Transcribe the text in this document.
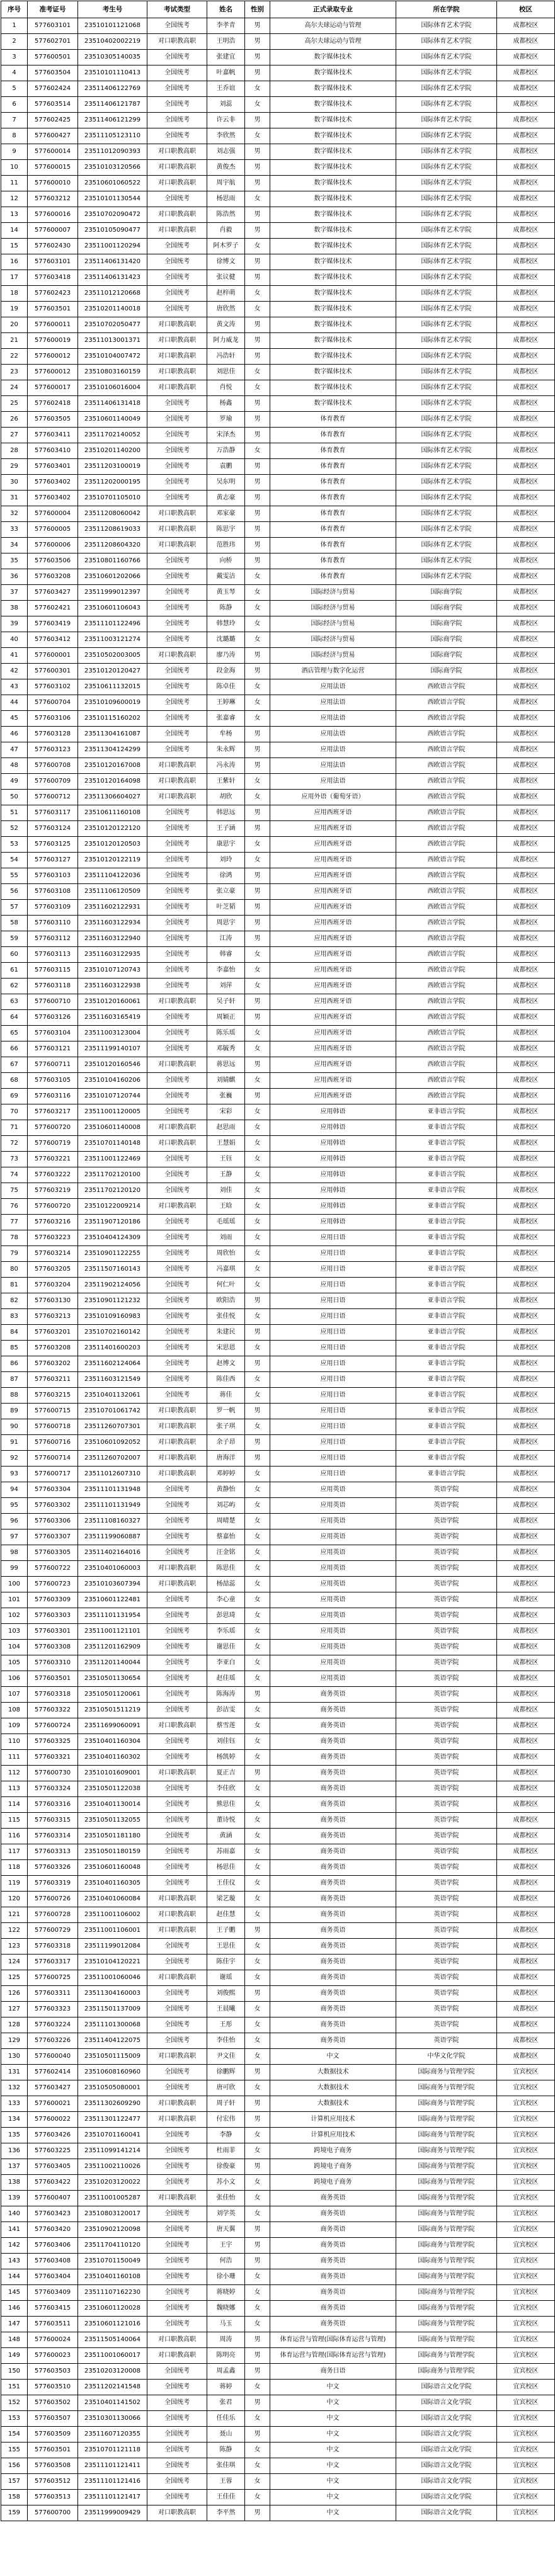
序号	准考证号	考生号	考试类型	姓名	性别	正式录取专业	所在学院	校区
1	577603101	23510101121068	全国统考	李孝青	男	高尔夫球运动与管理	国际体育艺术学院	成都校区
2	577602701	23510402002219	对口职教高职	王明浩	男	高尔夫球运动与管理	国际体育艺术学院	成都校区
3	577600501	23510305140035	全国统考	张建宜	男	数字媒体技术	国际体育艺术学院	成都校区
4	577603504	23510101110413	全国统考	叶嘉帆	男	数字媒体技术	国际体育艺术学院	成都校区
5	577602424	23511406122769	全国统考	王乔谊	女	数字媒体技术	国际体育艺术学院	成都校区
6	577603514	23511406121787	全国统考	刘蕊	女	数字媒体技术	国际体育艺术学院	成都校区
7	577602425	23511406121299	全国统考	许云非	男	数字媒体技术	国际体育艺术学院	成都校区
8	577600427	23511105123110	全国统考	李欣然	女	数字媒体技术	国际体育艺术学院	成都校区
9	577600014	23511012090393	对口职教高职	刘志强	男	数字媒体技术	国际体育艺术学院	成都校区
10	577600015	23510103120566	对口职教高职	黄俊杰	男	数字媒体技术	国际体育艺术学院	成都校区
11	577600010	23510601060522	对口职教高职	周宇航	男	数字媒体技术	国际体育艺术学院	成都校区
12	577603212	23510101130544	全国统考	杨思雨	女	数字媒体技术	国际体育艺术学院	成都校区
13	577600016	23510702090472	对口职教高职	陈浩然	男	数字媒体技术	国际体育艺术学院	成都校区
14	577600007	23510105090477	对口职教高职	肖毅	男	数字媒体技术	国际体育艺术学院	成都校区
15	577602430	23511001120294	全国统考	阿木罗子	女	数字媒体技术	国际体育艺术学院	成都校区
16	577603101	23511406131420	全国统考	徐博文	男	数字媒体技术	国际体育艺术学院	成都校区
17	577603418	23511406131423	全国统考	张议健	男	数字媒体技术	国际体育艺术学院	成都校区
18	577602423	23511012120668	全国统考	赵梓萌	女	数字媒体技术	国际体育艺术学院	成都校区
19	577603501	23510201140018	全国统考	唐欣然	女	数字媒体技术	国际体育艺术学院	成都校区
20	577600011	23510702050477	对口职教高职	黄文涛	男	数字媒体技术	国际体育艺术学院	成都校区
21	577600019	23511013001371	对口职教高职	阿力威龙	男	数字媒体技术	国际体育艺术学院	成都校区
22	577600012	23510104007472	对口职教高职	冯浩轩	男	数字媒体技术	国际体育艺术学院	成都校区
23	577600012	23510803160159	对口职教高职	刘思佳	女	数字媒体技术	国际体育艺术学院	成都校区
24	577600017	23510106016004	对口职教高职	肖悦	女	数字媒体技术	国际体育艺术学院	成都校区
25	577602418	23511406131418	全国统考	杨鑫	男	数字媒体技术	国际体育艺术学院	成都校区
26	577603505	23510601140049	全国统考	罗瑜	男	体育教育	国际体育艺术学院	成都校区
27	577603411	23511702140052	全国统考	宋泽杰	男	体育教育	国际体育艺术学院	成都校区
28	577603410	23510201140200	全国统考	万浩静	女	体育教育	国际体育艺术学院	成都校区
29	577603401	23511203100019	全国统考	袁鹏	男	体育教育	国际体育艺术学院	成都校区
30	577603402	23511202000195	全国统考	吴东明	男	体育教育	国际体育艺术学院	成都校区
31	577603402	23510701105010	全国统考	黄志豪	男	体育教育	国际体育艺术学院	成都校区
32	577600004	23511208060042	对口职教高职	邓家豪	男	体育教育	国际体育艺术学院	成都校区
33	577600005	23511208619033	对口职教高职	陈思宇	男	体育教育	国际体育艺术学院	成都校区
34	577600006	23511208604320	对口职教高职	范胜玮	男	体育教育	国际体育艺术学院	成都校区
35	577603506	23510801160766	全国统考	向桥	男	体育教育	国际体育艺术学院	成都校区
36	577603208	23510601202066	全国统考	戴雯洁	女	体育教育	国际体育艺术学院	成都校区
37	577603427	23511999012397	全国统考	黄玉琴	女	国际经济与贸易	国际商学院	成都校区
38	577602421	23510601106043	全国统考	陈静	女	国际经济与贸易	国际商学院	成都校区
39	577603419	23511101122496	全国统考	韩慧玲	女	国际经济与贸易	国际商学院	成都校区
40	577603412	23511003121274	全国统考	沈璐璐	女	国际经济与贸易	国际商学院	成都校区
41	577600001	23510502003005	对口职教高职	廖乃涛	男	国际经济与贸易	国际商学院	成都校区
42	577600301	23510120120427	全国统考	段金海	男	酒店管理与数字化运营	国际商学院	成都校区
43	577603102	23510611132015	全国统考	陈卓佳	女	应用法语	西欧语言学院	成都校区
44	577600704	23510109600019	全国统考	王婷琳	女	应用法语	西欧语言学院	成都校区
45	577603106	23510115160202	全国统考	张嘉睿	女	应用法语	西欧语言学院	成都校区
46	577603128	23511304161087	全国统考	牟杨	男	应用法语	西欧语言学院	成都校区
47	577603123	23511304124299	全国统考	朱永辉	男	应用法语	西欧语言学院	成都校区
48	577600708	23510120167008	对口职教高职	冯永涛	男	应用法语	西欧语言学院	成都校区
49	577600709	23510120164098	对口职教高职	王紫轩	女	应用法语	西欧语言学院	成都校区
50	577600712	23511306604027	对口职教高职	胡欣	女	应用外语（葡萄牙语）	西欧语言学院	成都校区
51	577603117	23510611160108	全国统考	韩思远	男	应用西班牙语	西欧语言学院	成都校区
52	577603124	23510120122120	全国统考	王子涵	男	应用西班牙语	西欧语言学院	成都校区
53	577603125	23510120120503	全国统考	康思宇	女	应用西班牙语	西欧语言学院	成都校区
54	577603127	23510120122119	全国统考	刘玲	女	应用西班牙语	西欧语言学院	成都校区
55	577603103	23511104122036	全国统考	徐鸿	男	应用西班牙语	西欧语言学院	成都校区
56	577603108	23511106120509	全国统考	张立豪	男	应用西班牙语	西欧语言学院	成都校区
57	577603109	23511602122931	全国统考	叶芝韬	男	应用西班牙语	西欧语言学院	成都校区
58	577603110	23511603122934	全国统考	周思宇	男	应用西班牙语	西欧语言学院	成都校区
59	577603112	23511603122940	全国统考	江涛	男	应用西班牙语	西欧语言学院	成都校区
60	577603113	23511603122935	全国统考	韩睿	女	应用西班牙语	西欧语言学院	成都校区
61	577603115	23510107120743	全国统考	李嘉怡	女	应用西班牙语	西欧语言学院	成都校区
62	577603118	23511603122938	全国统考	刘萍	女	应用西班牙语	西欧语言学院	成都校区
63	577600710	23510120160061	对口职教高职	吴子轩	男	应用西班牙语	西欧语言学院	成都校区
64	577603126	23511603165419	全国统考	周颖正	男	应用西班牙语	西欧语言学院	成都校区
65	577603104	23511003123004	全国统考	陈乐瑶	女	应用西班牙语	西欧语言学院	成都校区
66	577603121	23511199140107	全国统考	邓毓秀	女	应用西班牙语	西欧语言学院	成都校区
67	577600711	23510120160546	对口职教高职	蒋思远	男	应用西班牙语	西欧语言学院	成都校区
68	577603105	23510104160206	全国统考	刘婧麒	女	应用西班牙语	西欧语言学院	成都校区
69	577603116	23510107120744	全国统考	张巍	男	应用西班牙语	西欧语言学院	成都校区
70	577603217	23511001120005	全国统考	宋彩	女	应用韩语	亚非语言学院	成都校区
71	577600720	23510601140008	对口职教高职	赵思雨	女	应用韩语	亚非语言学院	成都校区
72	577600719	23510701140148	对口职教高职	王慧娟	女	应用韩语	亚非语言学院	成都校区
73	577603221	23511001122469	全国统考	王钰	女	应用韩语	亚非语言学院	成都校区
74	577603222	23511702120100	全国统考	王静	女	应用韩语	亚非语言学院	成都校区
75	577603219	23511702120120	全国统考	刘佳	女	应用韩语	亚非语言学院	成都校区
76	577600720	23510122009214	对口职教高职	王晗	女	应用韩语	亚非语言学院	成都校区
77	577603216	23511907120186	全国统考	毛瑶瑶	女	应用韩语	亚非语言学院	成都校区
78	577603223	23510404124309	全国统考	刘雨	女	应用日语	亚非语言学院	成都校区
79	577603214	23510901122255	全国统考	周欣怡	女	应用日语	亚非语言学院	成都校区
80	577603205	23511507160143	全国统考	冯嘉琪	女	应用日语	亚非语言学院	成都校区
81	577603204	23511902124056	全国统考	何仁叶	女	应用日语	亚非语言学院	成都校区
82	577603130	23510901121232	全国统考	欧阳浩	男	应用日语	亚非语言学院	成都校区
83	577603213	23510109160983	全国统考	张佳悦	女	应用日语	亚非语言学院	成都校区
84	577603201	23510702160142	全国统考	朱建民	男	应用日语	亚非语言学院	成都校区
85	577603208	23511401600203	全国统考	宋思恩	女	应用日语	亚非语言学院	成都校区
86	577603202	23511602124064	全国统考	赵博文	男	应用日语	亚非语言学院	成都校区
87	577603211	23511603121549	全国统考	陈佳西	女	应用日语	亚非语言学院	成都校区
88	577603215	23510401132061	全国统考	蒋佳	女	应用日语	亚非语言学院	成都校区
89	577600715	23510701061742	对口职教高职	罗一帆	男	应用日语	亚非语言学院	成都校区
90	577600718	23511260707301	对口职教高职	张子琪	女	应用日语	亚非语言学院	成都校区
91	577600716	23510601092052	对口职教高职	余子昂	男	应用日语	亚非语言学院	成都校区
92	577600714	23511260702007	对口职教高职	唐海洋	男	应用日语	亚非语言学院	成都校区
93	577600717	23511012607310	对口职教高职	邓婷婷	女	应用日语	亚非语言学院	成都校区
94	577603304	23511101131948	全国统考	黄静怡	女	应用英语	英语学院	成都校区
95	577603302	23511101131949	全国统考	刘芯屿	女	应用英语	英语学院	成都校区
96	577603306	23511108160327	全国统考	周晴楚	女	应用英语	英语学院	成都校区
97	577603307	23511199060887	全国统考	蔡嘉怡	女	应用英语	英语学院	成都校区
98	577603305	23511402164016	全国统考	汪金铭	女	应用英语	英语学院	成都校区
99	577600722	23510401060003	对口职教高职	陈思佳	女	应用英语	英语学院	成都校区
100	577600723	23510103607394	对口职教高职	杨喆蕊	女	应用英语	英语学院	成都校区
101	577603309	23510601122481	全国统考	李心童	女	应用英语	英语学院	成都校区
102	577603303	23511101131954	全国统考	彭思琦	女	应用英语	英语学院	成都校区
103	577603301	23511001121101	全国统考	李乐瑶	女	应用英语	英语学院	成都校区
104	577603308	23511201162909	全国统考	谢思佳	女	应用英语	英语学院	成都校区
105	577603310	23511201140044	全国统考	李亚白	女	应用英语	英语学院	成都校区
106	577603501	23510501130654	全国统考	赵佳瑶	女	应用英语	英语学院	成都校区
107	577603318	23510501120061	全国统考	陈海涛	男	商务英语	英语学院	成都校区
108	577603322	23510501511219	全国统考	彭洁雯	女	商务英语	英语学院	成都校区
109	577600724	23511699060091	对口职教高职	蔡雪莲	女	商务英语	英语学院	成都校区
110	577603325	23510401160304	全国统考	刘佳钰	女	商务英语	英语学院	成都校区
111	577603321	23510401160302	全国统考	杨凯婷	女	商务英语	英语学院	成都校区
112	577600730	23510101609001	对口职教高职	夏正吉	男	商务英语	英语学院	成都校区
113	577603324	23510501122038	全国统考	李佳欣	女	商务英语	英语学院	成都校区
114	577603316	23510401130014	全国统考	熊思佳	女	商务英语	英语学院	成都校区
115	577603315	23510501132055	全国统考	董诗悦	女	商务英语	英语学院	成都校区
116	577603314	23510501181180	全国统考	黄涵	女	商务英语	英语学院	成都校区
117	577603313	23510501180159	全国统考	苏雨嘉	女	商务英语	英语学院	成都校区
118	577603326	23510601160048	全国统考	杨思佳	女	商务英语	英语学院	成都校区
119	577603319	23510401160305	全国统考	王佳仪	女	商务英语	英语学院	成都校区
120	577600726	23510401060084	对口职教高职	梁艺璇	女	商务英语	英语学院	成都校区
121	577600728	23511001106002	对口职教高职	赵佳慧	女	商务英语	英语学院	成都校区
122	577600729	23511001106001	对口职教高职	王子鹏	男	商务英语	英语学院	成都校区
123	577603318	23511199012084	全国统考	王思佳	女	商务英语	英语学院	成都校区
124	577603317	23510104120221	全国统考	陈佳宇	女	商务英语	英语学院	成都校区
125	577600725	23511001060046	对口职教高职	谢瑶	女	商务英语	英语学院	成都校区
126	577603311	23511304160003	全国统考	刘俊熙	男	商务英语	英语学院	成都校区
127	577603323	23511501137009	全国统考	王晨曦	女	商务英语	英语学院	成都校区
128	577603224	23511101300068	全国统考	王彤	女	商务英语	英语学院	成都校区
129	577603226	23511404122075	全国统考	李佳怡	女	商务英语	英语学院	成都校区
130	577600040	23510501115009	对口职教高职	尹文佳	女	中文	中华文化学院	成都校区
131	577602414	23510608160960	全国统考	徐鹏辉	男	大数据技术	国际商务与管理学院	宜宾校区
132	577603427	23510505080001	全国统考	唐可欣	女	大数据技术	国际商务与管理学院	宜宾校区
133	577600021	23511302609290	对口职教高职	周子轩	男	大数据技术	国际商务与管理学院	宜宾校区
134	577600022	23511301122477	对口职教高职	付宏伟	男	计算机应用技术	国际商务与管理学院	宜宾校区
135	577603426	23510701160041	全国统考	李静	女	计算机应用技术	国际商务与管理学院	宜宾校区
136	577603225	23511099141214	全国统考	杜雨菲	女	跨境电子商务	国际商务与管理学院	宜宾校区
137	577603405	23511002110026	全国统考	徐俊豪	男	跨境电子商务	国际商务与管理学院	宜宾校区
138	577603422	23510203120022	全国统考	苏小文	女	跨境电子商务	国际商务与管理学院	宜宾校区
139	577600407	23511001005287	对口职教高职	张佳怡	女	商务英语	国际商务与管理学院	宜宾校区
140	577603423	23510803120017	全国统考	刘学英	女	商务英语	国际商务与管理学院	宜宾校区
141	577603420	23510902120098	全国统考	唐天翼	男	商务英语	国际商务与管理学院	宜宾校区
142	577603406	23511704110120	全国统考	王宇	男	商务英语	国际商务与管理学院	宜宾校区
143	577603408	23510701150049	全国统考	何浩	男	商务英语	国际商务与管理学院	宜宾校区
144	577603404	23510401160108	全国统考	徐小珊	女	商务英语	国际商务与管理学院	宜宾校区
145	577603409	23511107162230	全国统考	蒋晓婷	女	商务英语	国际商务与管理学院	宜宾校区
146	577603415	23510601120028	全国统考	魏晓娜	女	商务英语	国际商务与管理学院	宜宾校区
147	577603511	23510601121016	全国统考	马玉	女	商务英语	国际商务与管理学院	宜宾校区
148	577600024	23511505140064	对口职教高职	周涛	男	体育运营与管理(国际体育运营与管理)	国际商务与管理学院	宜宾校区
149	577600023	23511001060017	对口职教高职	陈明亮	男	体育运营与管理(国际体育运营与管理)	国际商务与管理学院	宜宾校区
150	577603503	23510203120008	全国统考	周孟鑫	男	商务日语	国际商务与管理学院	宜宾校区
151	577603510	23511202141548	全国统考	蒋婷	女	中文	国际语言文化学院	宜宾校区
152	577603502	23510401141502	全国统考	张君	男	中文	国际语言文化学院	宜宾校区
153	577603507	23510301130066	全国统考	任佳乐	女	中文	国际语言文化学院	宜宾校区
154	577603509	23511607120355	全国统考	聂山	男	中文	国际语言文化学院	宜宾校区
155	577603501	23510701121118	全国统考	陈静	女	中文	国际语言文化学院	宜宾校区
156	577603508	23511101121411	全国统考	张佳琪	女	中文	国际语言文化学院	宜宾校区
157	577603512	23511101121416	全国统考	王蓉	女	中文	国际语言文化学院	宜宾校区
158	577603513	23511101121417	全国统考	王佳佳	女	中文	国际语言文化学院	宜宾校区
159	577600700	23511999009429	对口职教高职	李平然	男	中文	国际语言文化学院	宜宾校区
